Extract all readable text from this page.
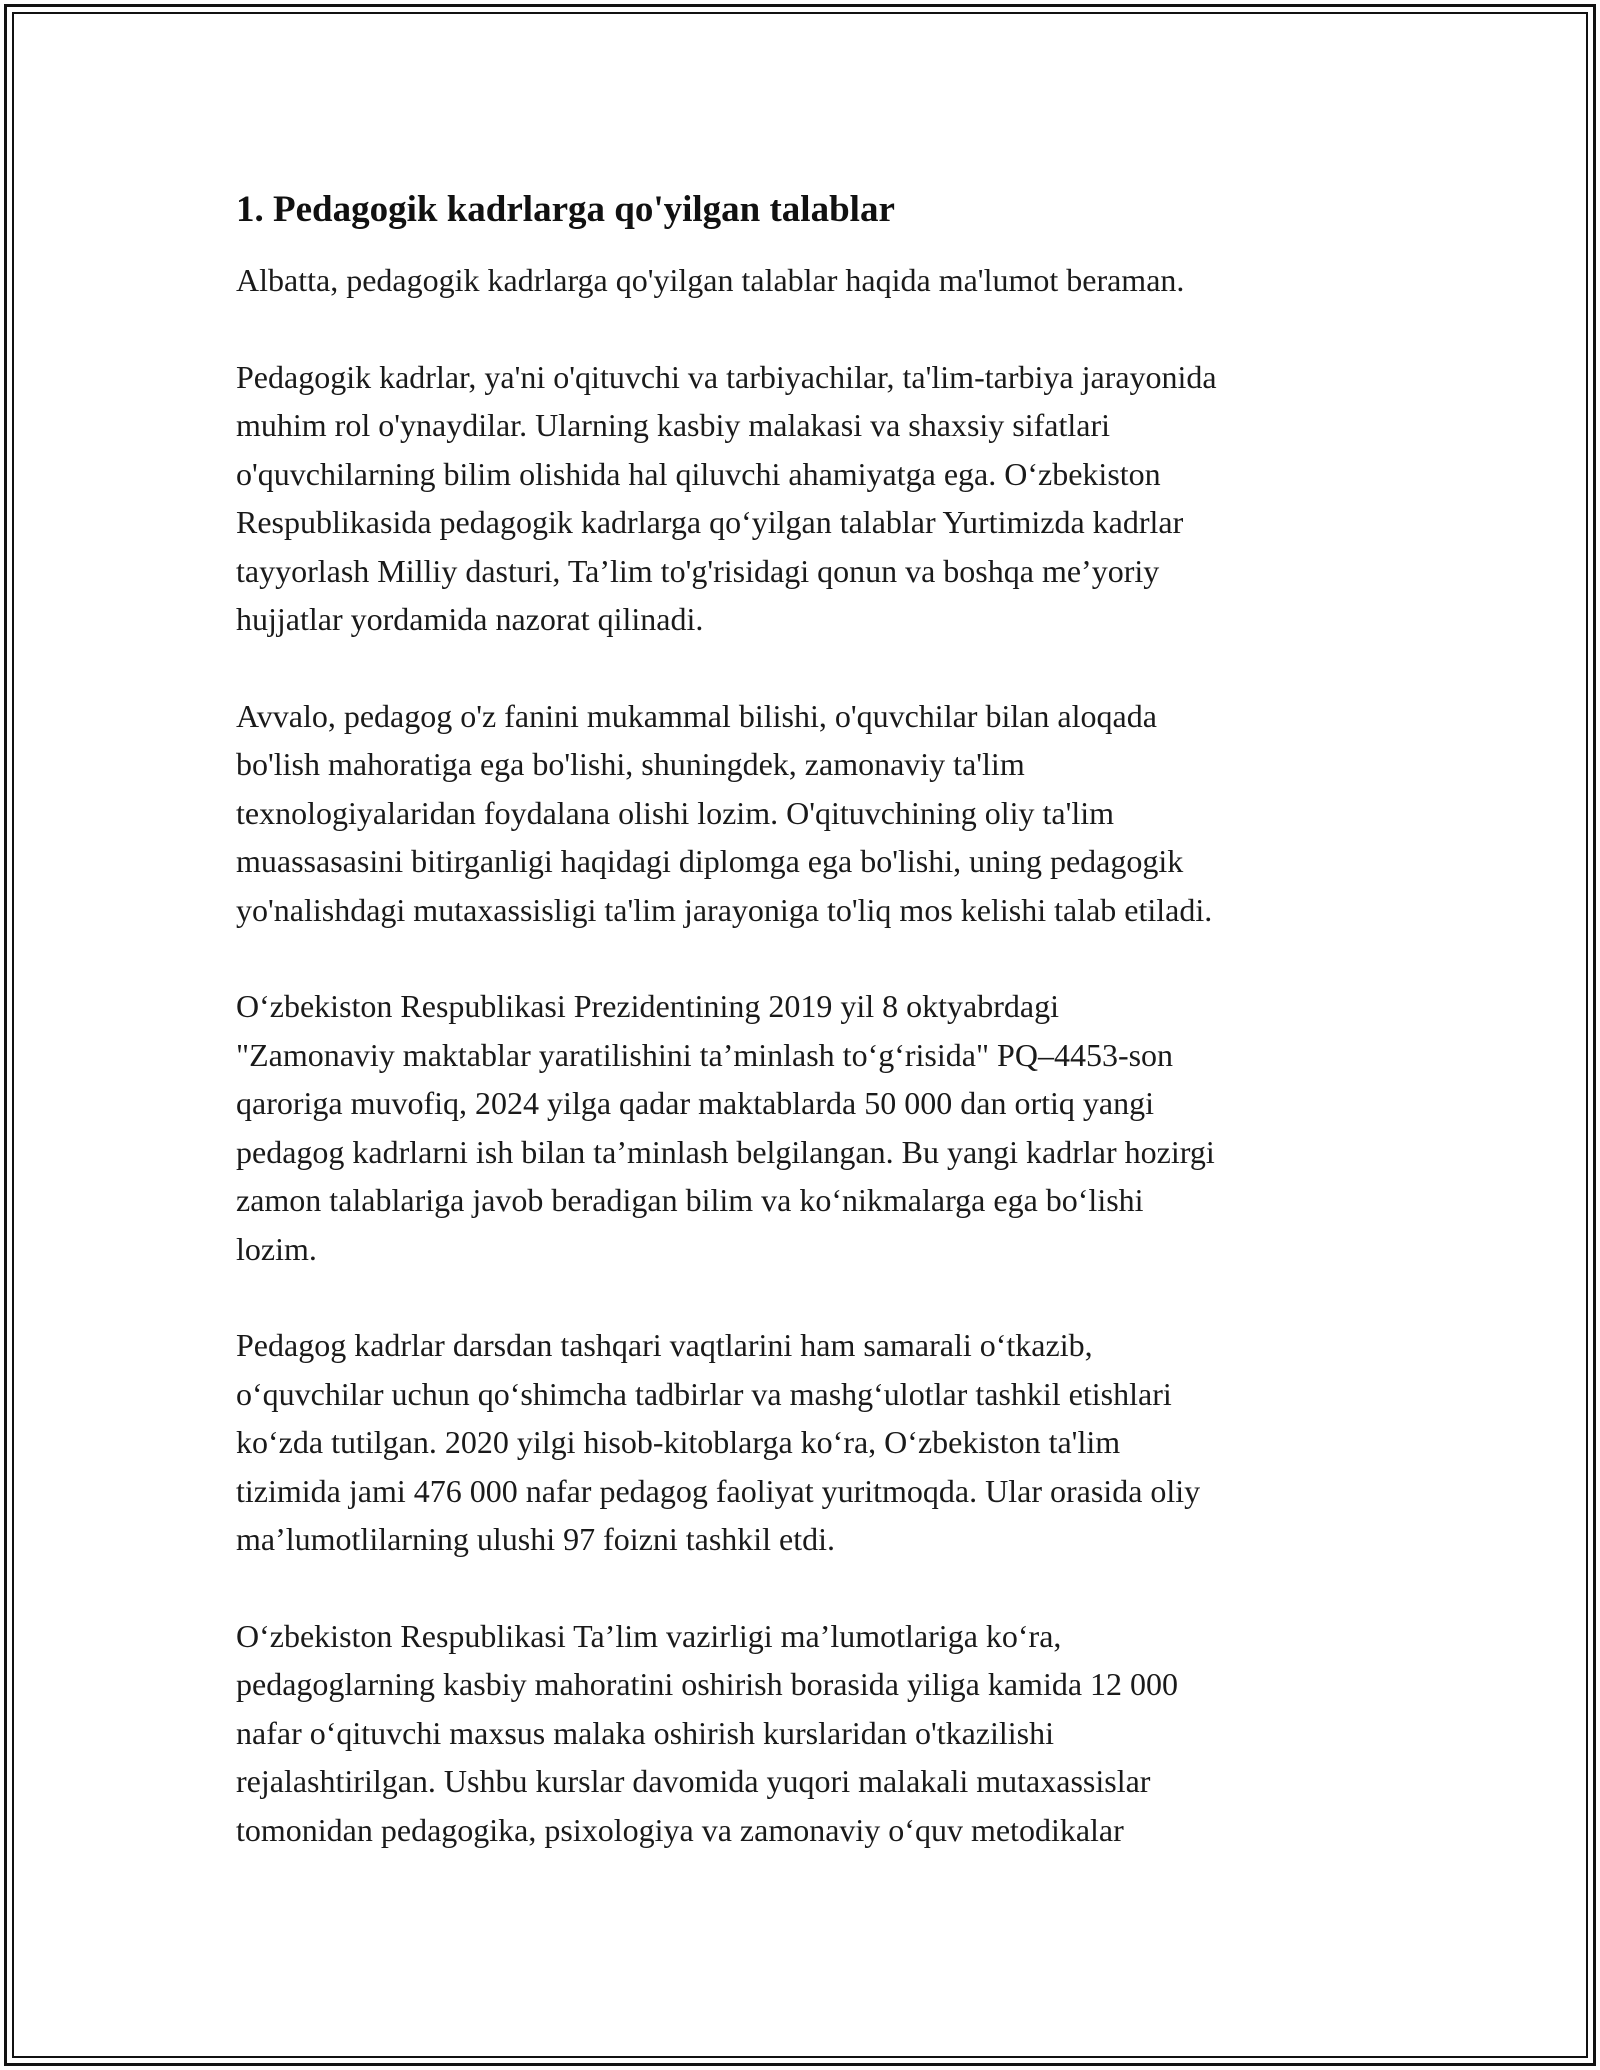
1. Pedagogik kadrlarga qo'yilgan talablar
Albatta, pedagogik kadrlarga qo'yilgan talablar haqida ma'lumot beraman.
Pedagogik kadrlar, ya'ni o'qituvchi va tarbiyachilar, ta'lim-tarbiya jarayonida
muhim rol o'ynaydilar. Ularning kasbiy malakasi va shaxsiy sifatlari
o'quvchilarning bilim olishida hal qiluvchi ahamiyatga ega. O‘zbekiston
Respublikasida pedagogik kadrlarga qo‘yilgan talablar Yurtimizda kadrlar
tayyorlash Milliy dasturi, Ta’lim to'g'risidagi qonun va boshqa me’yoriy
hujjatlar yordamida nazorat qilinadi.
Avvalo, pedagog o'z fanini mukammal bilishi, o'quvchilar bilan aloqada
bo'lish mahoratiga ega bo'lishi, shuningdek, zamonaviy ta'lim
texnologiyalaridan foydalana olishi lozim. O'qituvchining oliy ta'lim
muassasasini bitirganligi haqidagi diplomga ega bo'lishi, uning pedagogik
yo'nalishdagi mutaxassisligi ta'lim jarayoniga to'liq mos kelishi talab etiladi.
O‘zbekiston Respublikasi Prezidentining 2019 yil 8 oktyabrdagi
"Zamonaviy maktablar yaratilishini ta’minlash to‘g‘risida" PQ–4453-son
qaroriga muvofiq, 2024 yilga qadar maktablarda 50 000 dan ortiq yangi
pedagog kadrlarni ish bilan ta’minlash belgilangan. Bu yangi kadrlar hozirgi
zamon talablariga javob beradigan bilim va ko‘nikmalarga ega bo‘lishi
lozim.
Pedagog kadrlar darsdan tashqari vaqtlarini ham samarali o‘tkazib,
o‘quvchilar uchun qo‘shimcha tadbirlar va mashg‘ulotlar tashkil etishlari
ko‘zda tutilgan. 2020 yilgi hisob-kitoblarga ko‘ra, O‘zbekiston ta'lim
tizimida jami 476 000 nafar pedagog faoliyat yuritmoqda. Ular orasida oliy
ma’lumotlilarning ulushi 97 foizni tashkil etdi.
O‘zbekiston Respublikasi Ta’lim vazirligi ma’lumotlariga ko‘ra,
pedagoglarning kasbiy mahoratini oshirish borasida yiliga kamida 12 000
nafar o‘qituvchi maxsus malaka oshirish kurslaridan o'tkazilishi
rejalashtirilgan. Ushbu kurslar davomida yuqori malakali mutaxassislar
tomonidan pedagogika, psixologiya va zamonaviy o‘quv metodikalar
